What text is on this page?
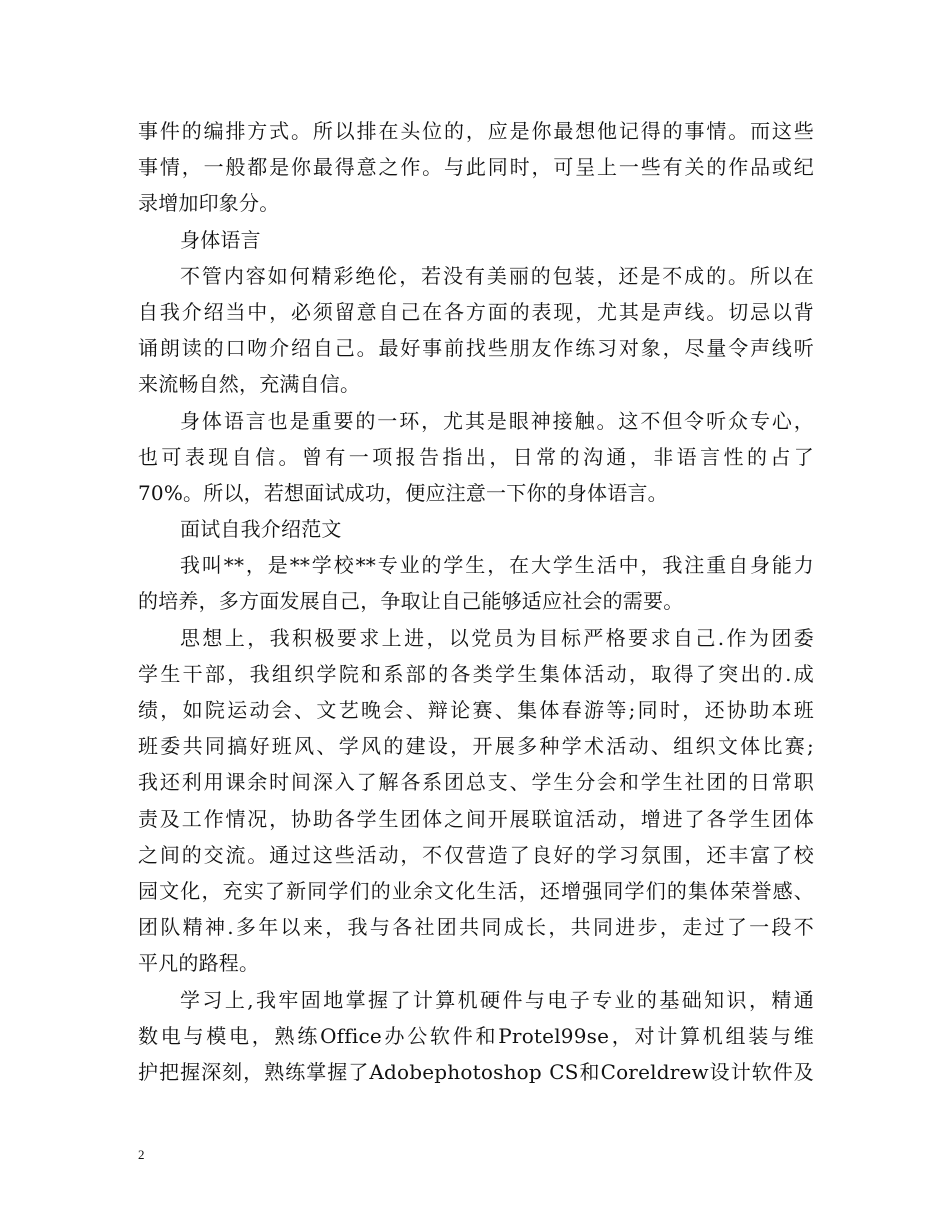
事件的编排方式。所以排在头位的，应是你最想他记得的事情。而这些
事情，一般都是你最得意之作。与此同时，可呈上一些有关的作品或纪
录增加印象分。
身体语言
不管内容如何精彩绝伦，若没有美丽的包装，还是不成的。所以在
自我介绍当中，必须留意自己在各方面的表现，尤其是声线。切忌以背
诵朗读的口吻介绍自己。最好事前找些朋友作练习对象，尽量令声线听
来流畅自然，充满自信。
身体语言也是重要的一环，尤其是眼神接触。这不但令听众专心，
也可表现自信。曾有一项报告指出，日常的沟通，非语言性的占了
70%。所以，若想面试成功，便应注意一下你的身体语言。
面试自我介绍范文
我叫**，是**学校**专业的学生，在大学生活中，我注重自身能力
的培养，多方面发展自己，争取让自己能够适应社会的需要。
思想上，我积极要求上进，以党员为目标严格要求自己.作为团委
学生干部，我组织学院和系部的各类学生集体活动，取得了突出的.成
绩，如院运动会、文艺晚会、辩论赛、集体春游等;同时，还协助本班
班委共同搞好班风、学风的建设，开展多种学术活动、组织文体比赛;
我还利用课余时间深入了解各系团总支、学生分会和学生社团的日常职
责及工作情况，协助各学生团体之间开展联谊活动，增进了各学生团体
之间的交流。通过这些活动，不仅营造了良好的学习氛围，还丰富了校
园文化，充实了新同学们的业余文化生活，还增强同学们的集体荣誉感、
团队精神.多年以来，我与各社团共同成长，共同进步，走过了一段不
平凡的路程。
学习上,我牢固地掌握了计算机硬件与电子专业的基础知识，精通
数电与模电，熟练Office办公软件和Protel99se，对计算机组装与维
护把握深刻，熟练掌握了Adobephotoshop CS和Coreldrew设计软件及
2
